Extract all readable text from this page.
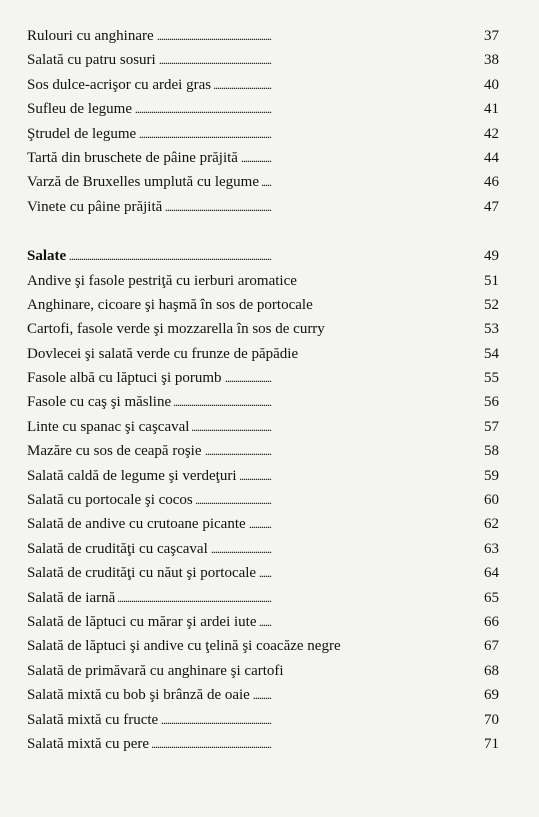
Rulouri cu anghinare	37
. . .
Salată cu patru sosuri	38
. . .
Sos dulce-acrişor cu ardei gras	40
. . .
Sufleu de legume	41
. . .
Ştrudel de legume	42
. . .
Tartă din bruschete de pâine prăjită	44
. . .
Varză de Bruxelles umplută cu legume	46
. . .
Vinete cu pâine prăjită	47
. . .
Salate	49
. . .
Andive şi fasole pestriţă cu ierburi aromatice	51
. . .
Anghinare, cicoare şi haşmă în sos de portocale	52
. . .
Cartofi, fasole verde şi mozzarella în sos de curry	53
. . .
Dovlecei şi salată verde cu frunze de păpădie	54
. . .
Fasole albă cu lăptuci şi porumb	55
. . .
Fasole cu caş şi măsline	56
. . .
Linte cu spanac şi caşcaval	57
. . .
Mazăre cu sos de ceapă roşie	58
. . .
Salată caldă de legume şi verdeţuri	59
. . .
Salată cu portocale şi cocos	60
. . .
Salată de andive cu crutoane picante	62
. . .
Salată de crudităţi cu caşcaval	63
. . .
Salată de crudităţi cu năut şi portocale	64
. . .
Salată de iarnă	65
. . .
Salată de lăptuci cu mărar şi ardei iute	66
. . .
Salată de lăptuci şi andive cu ţelină şi coacăze negre	67
. . .
Salată de primăvară cu anghinare şi cartofi	68
. . .
Salată mixtă cu bob şi brânză de oaie	69
. . .
Salată mixtă cu fructe	70
. . .
Salată mixtă cu pere	71
. . .
